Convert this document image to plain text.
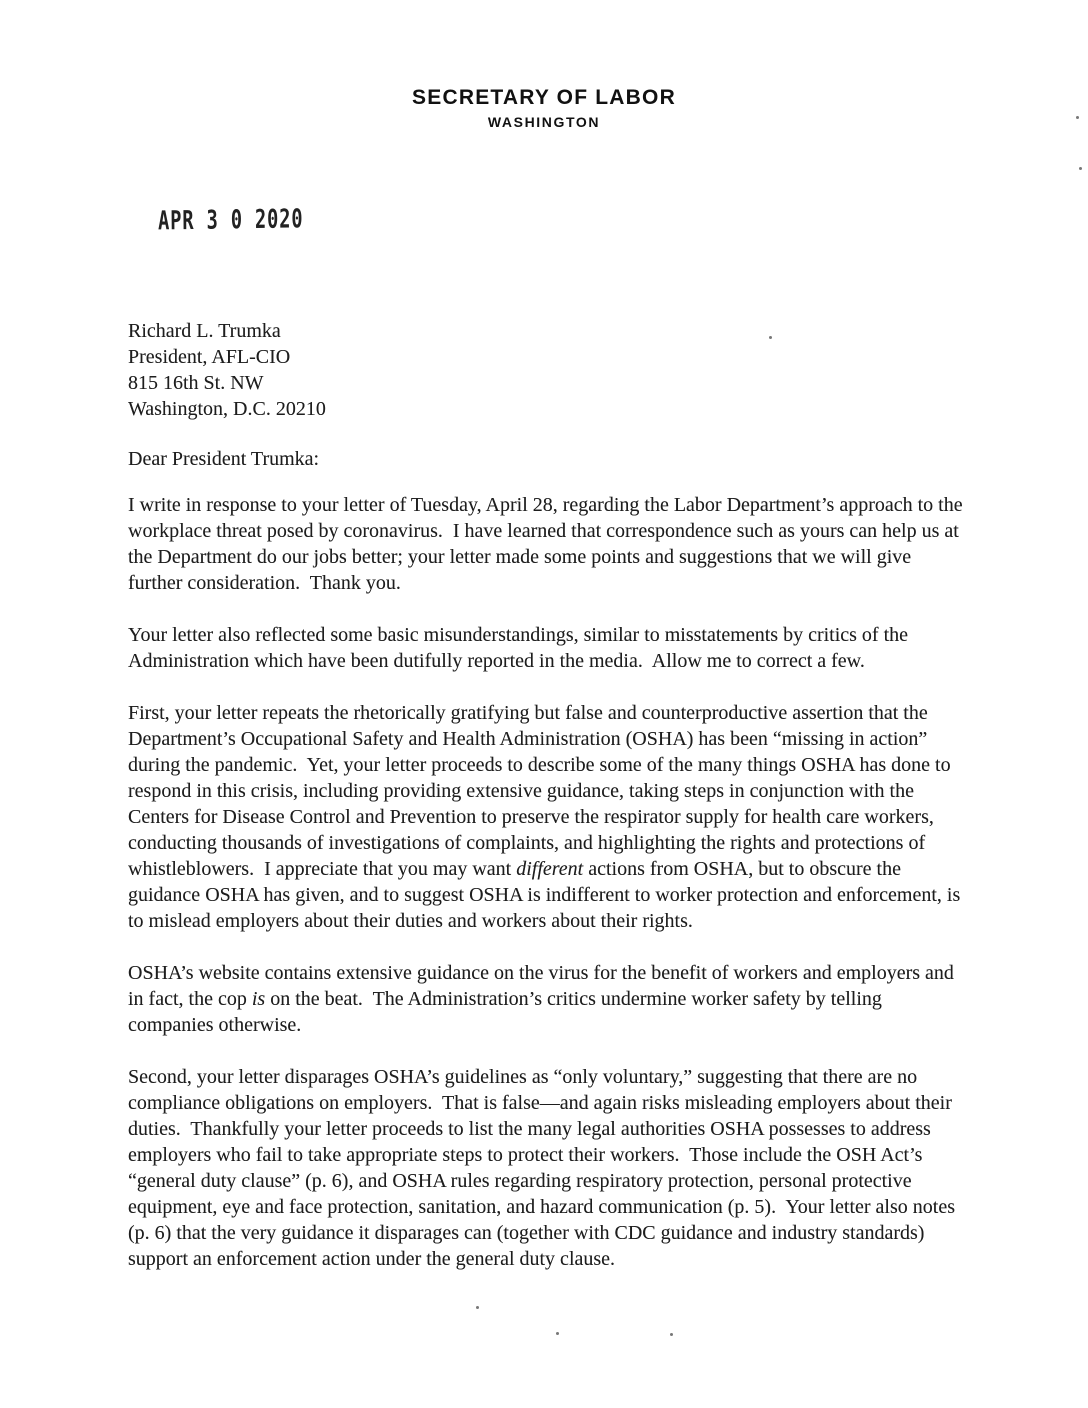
SECRETARY OF LABOR
WASHINGTON
APR 3 0 2020
Richard L. Trumka
President, AFL-CIO
815 16th St. NW
Washington, D.C. 20210
Dear President Trumka:

I write in response to your letter of Tuesday, April 28, regarding the Labor Department’s approach to the workplace threat posed by coronavirus.  I have learned that correspondence such as yours can help us at the Department do our jobs better; your letter made some points and suggestions that we will give further consideration.  Thank you.

Your letter also reflected some basic misunderstandings, similar to misstatements by critics of the Administration which have been dutifully reported in the media.  Allow me to correct a few.

First, your letter repeats the rhetorically gratifying but false and counterproductive assertion that the Department’s Occupational Safety and Health Administration (OSHA) has been “missing in action” during the pandemic.  Yet, your letter proceeds to describe some of the many things OSHA has done to respond in this crisis, including providing extensive guidance, taking steps in conjunction with the Centers for Disease Control and Prevention to preserve the respirator supply for health care workers, conducting thousands of investigations of complaints, and highlighting the rights and protections of whistleblowers.  I appreciate that you may want different actions from OSHA, but to obscure the guidance OSHA has given, and to suggest OSHA is indifferent to worker protection and enforcement, is to mislead employers about their duties and workers about their rights.

OSHA’s website contains extensive guidance on the virus for the benefit of workers and employers and in fact, the cop is on the beat.  The Administration’s critics undermine worker safety by telling companies otherwise.

Second, your letter disparages OSHA’s guidelines as “only voluntary,” suggesting that there are no compliance obligations on employers.  That is false—and again risks misleading employers about their duties.  Thankfully your letter proceeds to list the many legal authorities OSHA possesses to address employers who fail to take appropriate steps to protect their workers.  Those include the OSH Act’s “general duty clause” (p. 6), and OSHA rules regarding respiratory protection, personal protective equipment, eye and face protection, sanitation, and hazard communication (p. 5).  Your letter also notes (p. 6) that the very guidance it disparages can (together with CDC guidance and industry standards) support an enforcement action under the general duty clause.
